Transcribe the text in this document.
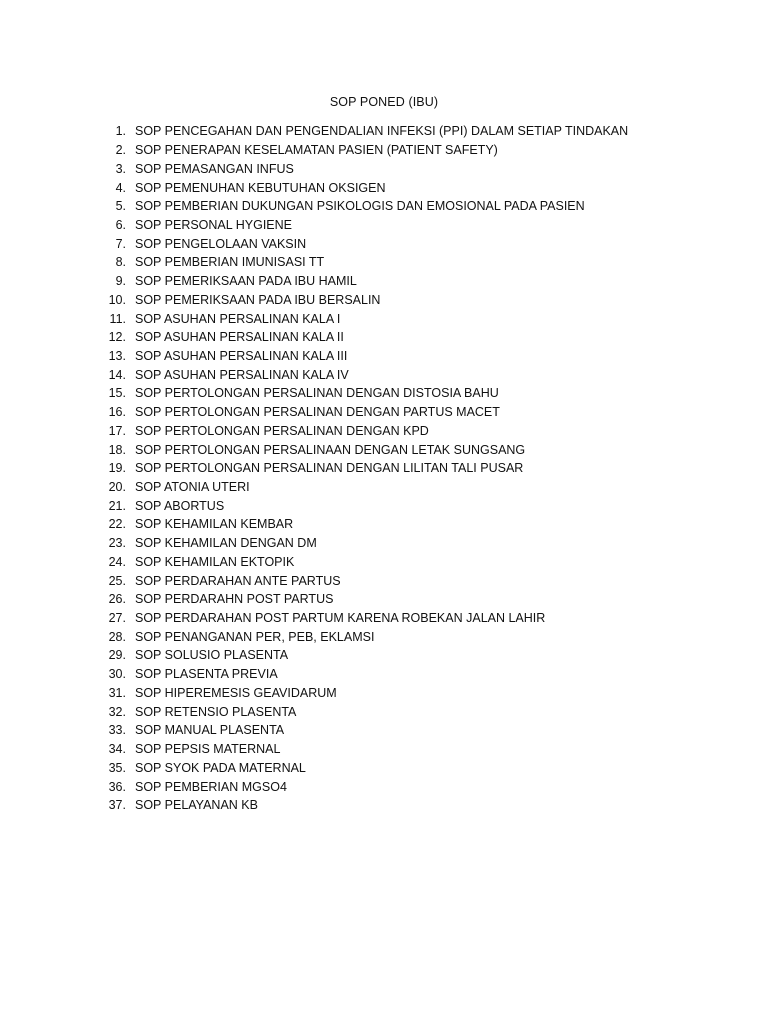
SOP PONED (IBU)
1. SOP PENCEGAHAN DAN PENGENDALIAN INFEKSI (PPI) DALAM SETIAP TINDAKAN
2. SOP PENERAPAN KESELAMATAN PASIEN (PATIENT SAFETY)
3. SOP PEMASANGAN INFUS
4. SOP PEMENUHAN KEBUTUHAN OKSIGEN
5. SOP PEMBERIAN DUKUNGAN PSIKOLOGIS DAN EMOSIONAL PADA PASIEN
6. SOP PERSONAL HYGIENE
7. SOP PENGELOLAAN VAKSIN
8. SOP PEMBERIAN IMUNISASI TT
9. SOP PEMERIKSAAN PADA IBU HAMIL
10. SOP PEMERIKSAAN PADA IBU BERSALIN
11. SOP ASUHAN PERSALINAN KALA I
12. SOP ASUHAN PERSALINAN KALA II
13. SOP ASUHAN PERSALINAN KALA III
14. SOP ASUHAN PERSALINAN KALA IV
15. SOP PERTOLONGAN PERSALINAN DENGAN DISTOSIA BAHU
16. SOP PERTOLONGAN PERSALINAN DENGAN PARTUS MACET
17. SOP PERTOLONGAN PERSALINAN DENGAN KPD
18. SOP PERTOLONGAN PERSALINAAN DENGAN LETAK SUNGSANG
19. SOP PERTOLONGAN PERSALINAN DENGAN LILITAN TALI PUSAR
20. SOP ATONIA UTERI
21. SOP ABORTUS
22. SOP KEHAMILAN KEMBAR
23. SOP KEHAMILAN DENGAN DM
24. SOP KEHAMILAN EKTOPIK
25. SOP PERDARAHAN ANTE PARTUS
26. SOP PERDARAHN POST PARTUS
27. SOP PERDARAHAN POST PARTUM KARENA ROBEKAN JALAN LAHIR
28. SOP PENANGANAN PER, PEB, EKLAMSI
29. SOP SOLUSIO PLASENTA
30. SOP PLASENTA PREVIA
31. SOP HIPEREMESIS GEAVIDARUM
32. SOP RETENSIO PLASENTA
33. SOP MANUAL PLASENTA
34. SOP PEPSIS MATERNAL
35. SOP SYOK PADA MATERNAL
36. SOP PEMBERIAN MGSO4
37. SOP PELAYANAN KB
